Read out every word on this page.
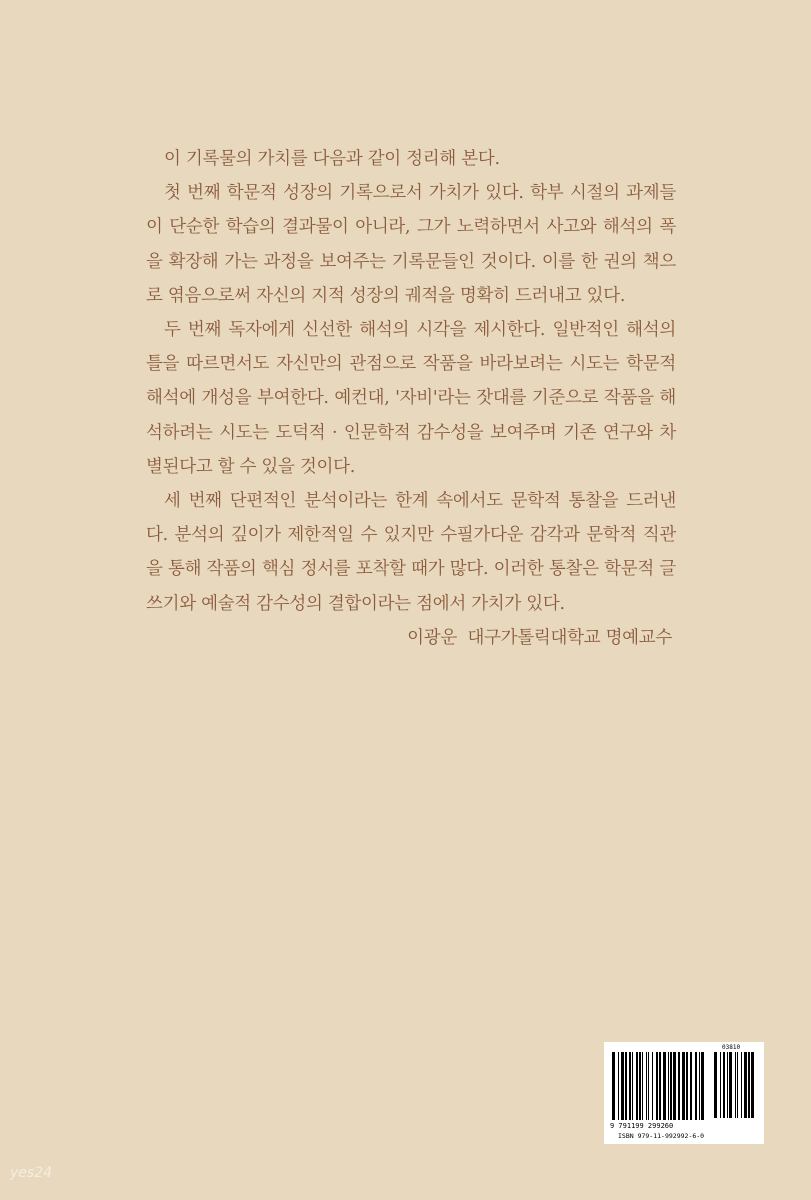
이 기록물의 가치를 다음과 같이 정리해 본다.

첫 번째 학문적 성장의 기록으로서 가치가 있다. 학부 시절의 과제들이 단순한 학습의 결과물이 아니라, 그가 노력하면서 사고와 해석의 폭을 확장해 가는 과정을 보여주는 기록문들인 것이다. 이를 한 권의 책으로 엮음으로써 자신의 지적 성장의 궤적을 명확히 드러내고 있다.

두 번째 독자에게 신선한 해석의 시각을 제시한다. 일반적인 해석의 틀을 따르면서도 자신만의 관점으로 작품을 바라보려는 시도는 학문적 해석에 개성을 부여한다. 예컨대, '자비'라는 잣대를 기준으로 작품을 해석하려는 시도는 도덕적 · 인문학적 감수성을 보여주며 기존 연구와 차별된다고 할 수 있을 것이다.

세 번째 단편적인 분석이라는 한계 속에서도 문학적 통찰을 드러낸다. 분석의 깊이가 제한적일 수 있지만 수필가다운 감각과 문학적 직관을 통해 작품의 핵심 정서를 포착할 때가 많다. 이러한 통찰은 학문적 글쓰기와 예술적 감수성의 결합이라는 점에서 가치가 있다.

이광운  대구가톨릭대학교 명예교수

03810
9 791199 299260
ISBN 979-11-992992-6-0
yes24
